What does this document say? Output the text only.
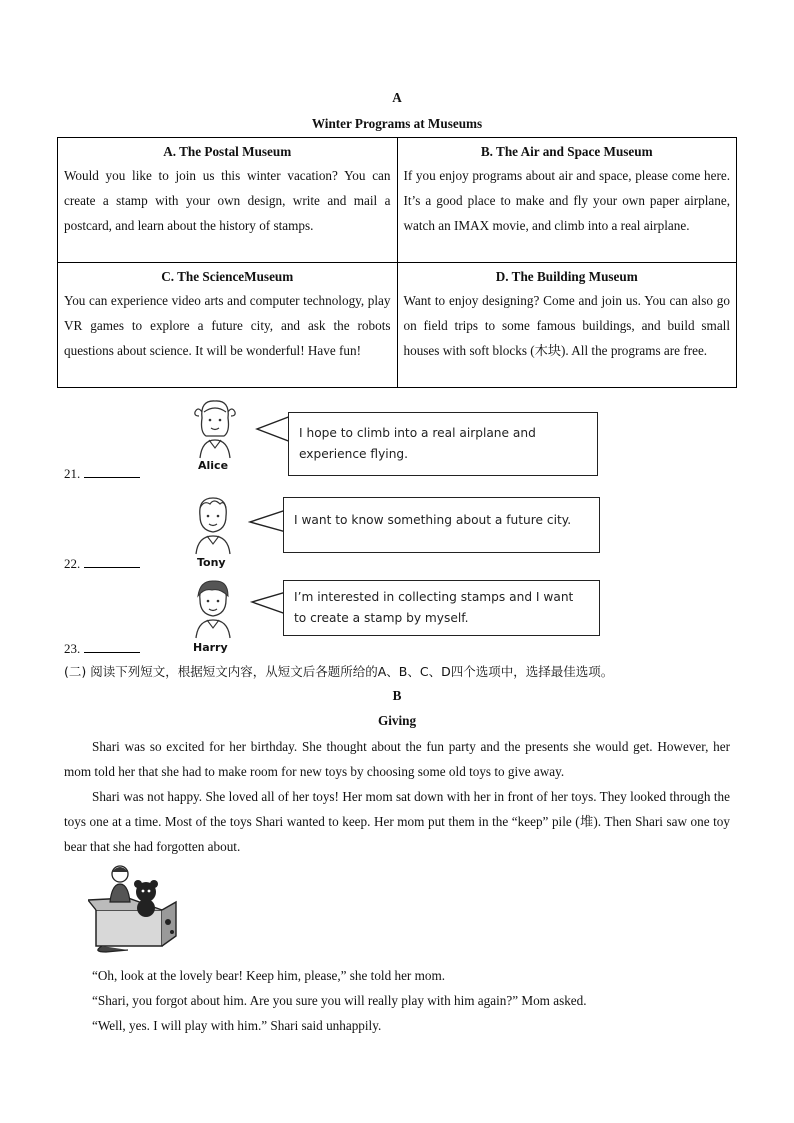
A
Winter Programs at Museums
A. The Postal Museum
Would you like to join us this winter vacation? You can create a stamp with your own design, write and mail a postcard, and learn about the history of stamps.	B. The Air and Space Museum
If you enjoy programs about air and space, please come here. It’s a good place to make and fly your own paper airplane, watch an IMAX movie, and climb into a real airplane.

C. The ScienceMuseum
You can experience video arts and computer technology, play VR games to explore a future city, and ask the robots questions about science. It will be wonderful! Have fun!	D. The Building Museum
Want to enjoy designing? Come and join us. You can also go on field trips to some famous buildings, and build small houses with soft blocks (木块). All the programs are free.
Alice
I hope to climb into a real airplane and experience flying.
21.
Tony
I want to know something about a future city.
22.
Harry
I’m interested in collecting stamps and I want to create a stamp by myself.
23.
(二) 阅读下列短文，根据短文内容，从短文后各题所给的A、B、C、D四个选项中，选择最佳选项。
B
Giving
Shari was so excited for her birthday. She thought about the fun party and the presents she would get. However, her mom told her that she had to make room for new toys by choosing some old toys to give away.
Shari was not happy. She loved all of her toys! Her mom sat down with her in front of her toys. They looked through the toys one at a time. Most of the toys Shari wanted to keep. Her mom put them in the “keep” pile (堆). Then Shari saw one toy bear that she had forgotten about.
“Oh, look at the lovely bear! Keep him, please,” she told her mom.
“Shari, you forgot about him. Are you sure you will really play with him again?” Mom asked.
“Well, yes. I will play with him.” Shari said unhappily.
